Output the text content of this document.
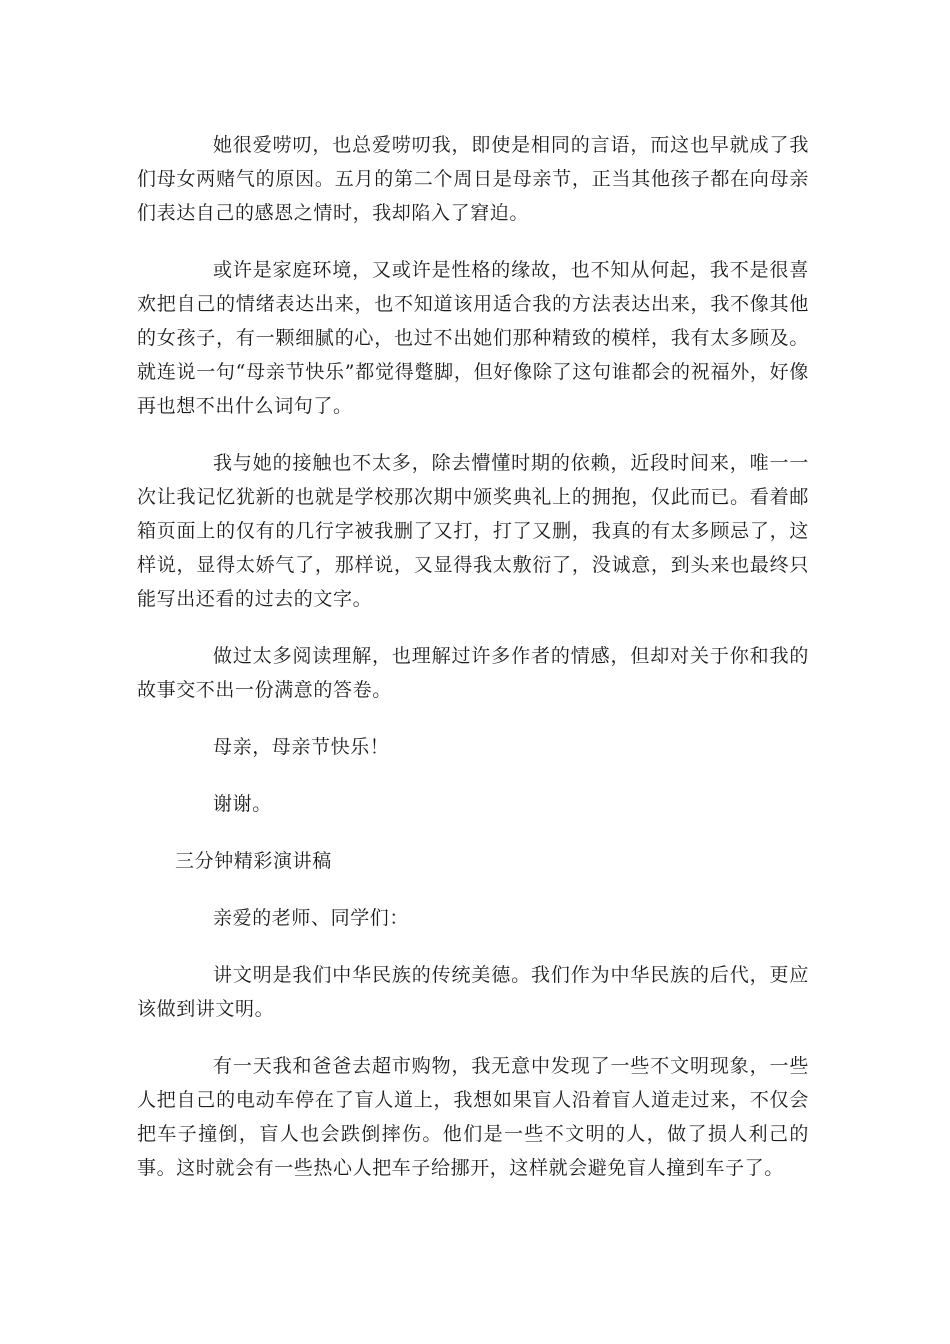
她很爱唠叨，也总爱唠叨我，即使是相同的言语，而这也早就成了我们母女两赌气的原因。五月的第二个周日是母亲节，正当其他孩子都在向母亲们表达自己的感恩之情时，我却陷入了窘迫。

或许是家庭环境，又或许是性格的缘故，也不知从何起，我不是很喜欢把自己的情绪表达出来，也不知道该用适合我的方法表达出来，我不像其他的女孩子，有一颗细腻的心，也过不出她们那种精致的模样，我有太多顾及。就连说一句“母亲节快乐”都觉得蹩脚，但好像除了这句谁都会的祝福外，好像再也想不出什么词句了。

我与她的接触也不太多，除去懵懂时期的依赖，近段时间来，唯一一次让我记忆犹新的也就是学校那次期中颁奖典礼上的拥抱，仅此而已。看着邮箱页面上的仅有的几行字被我删了又打，打了又删，我真的有太多顾忌了，这样说，显得太娇气了，那样说，又显得我太敷衍了，没诚意，到头来也最终只能写出还看的过去的文字。

做过太多阅读理解，也理解过许多作者的情感，但却对关于你和我的故事交不出一份满意的答卷。

母亲，母亲节快乐！

谢谢。

三分钟精彩演讲稿

亲爱的老师、同学们：

讲文明是我们中华民族的传统美德。我们作为中华民族的后代，更应该做到讲文明。

有一天我和爸爸去超市购物，我无意中发现了一些不文明现象，一些人把自己的电动车停在了盲人道上，我想如果盲人沿着盲人道走过来，不仅会把车子撞倒，盲人也会跌倒摔伤。他们是一些不文明的人，做了损人利己的事。这时就会有一些热心人把车子给挪开，这样就会避免盲人撞到车子了。
